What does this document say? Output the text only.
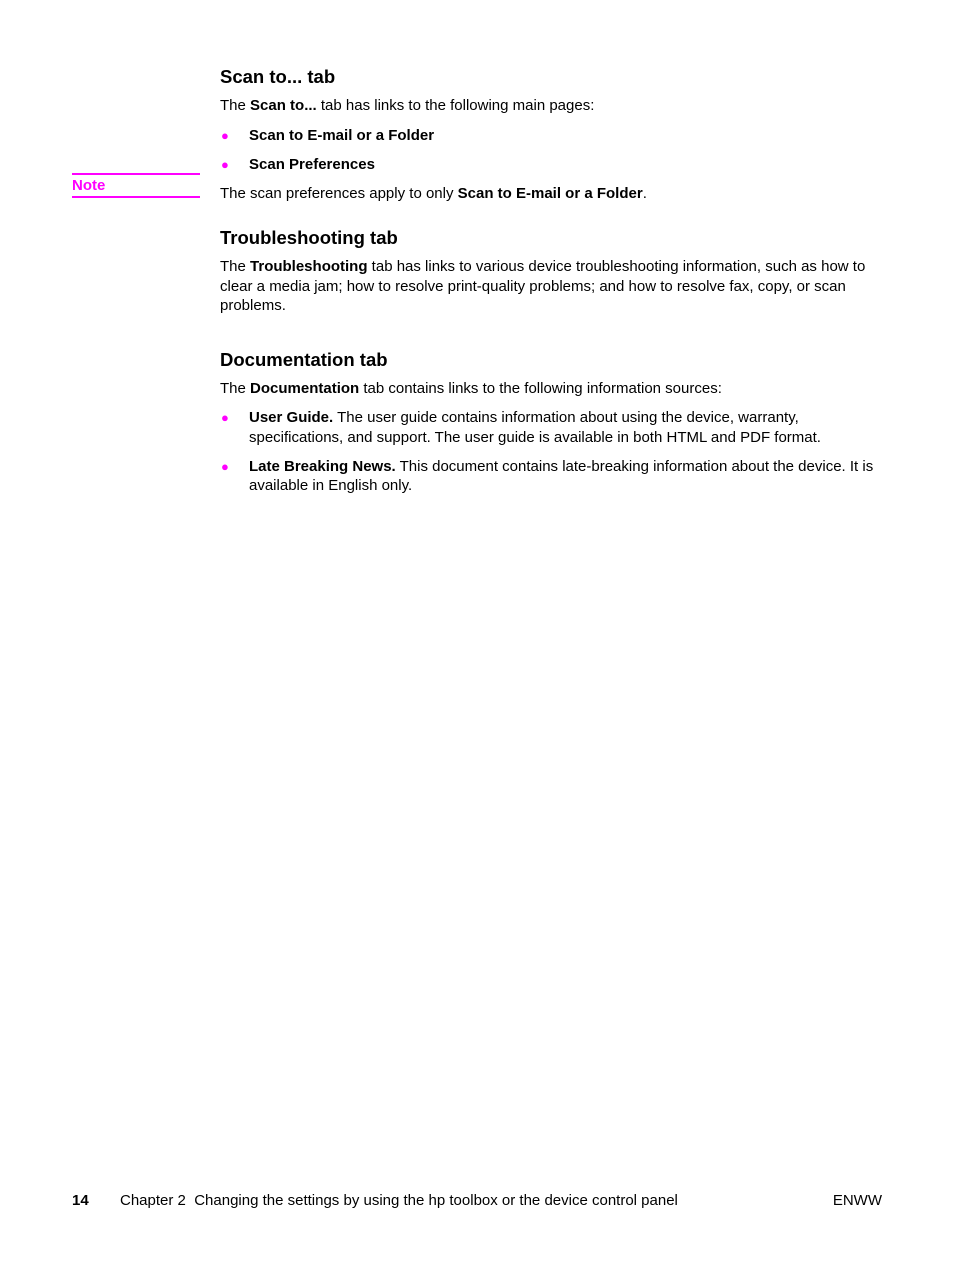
Scan to... tab

The Scan to... tab has links to the following main pages:

● Scan to E-mail or a Folder
● Scan Preferences
Note	The scan preferences apply to only Scan to E-mail or a Folder.

Troubleshooting tab

The Troubleshooting tab has links to various device troubleshooting information, such as how to clear a media jam; how to resolve print-quality problems; and how to resolve fax, copy, or scan problems.

Documentation tab

The Documentation tab contains links to the following information sources:

● User Guide. The user guide contains information about using the device, warranty, specifications, and support. The user guide is available in both HTML and PDF format.
● Late Breaking News. This document contains late-breaking information about the device. It is available in English only.
14 Chapter 2  Changing the settings by using the hp toolbox or the device control panel	ENWW
